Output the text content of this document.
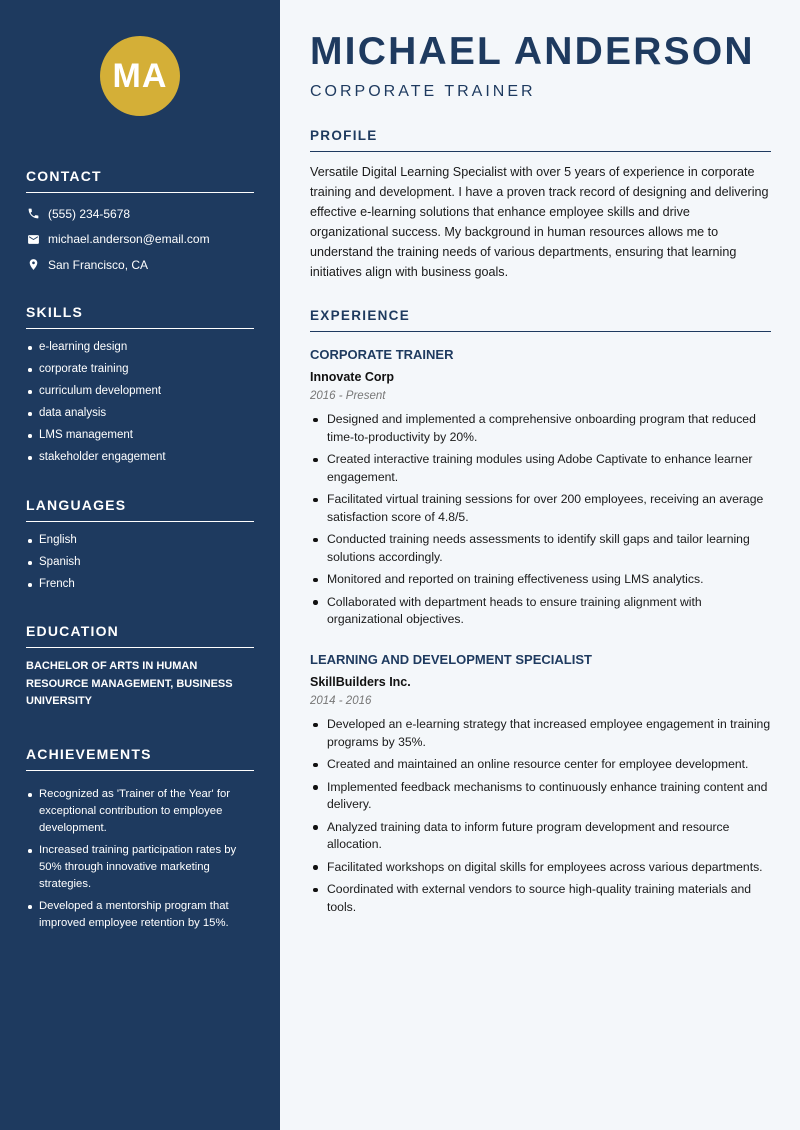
MA
CONTACT
(555) 234-5678
michael.anderson@email.com
San Francisco, CA
SKILLS
e-learning design
corporate training
curriculum development
data analysis
LMS management
stakeholder engagement
LANGUAGES
English
Spanish
French
EDUCATION
BACHELOR OF ARTS IN HUMAN RESOURCE MANAGEMENT, BUSINESS UNIVERSITY
ACHIEVEMENTS
Recognized as 'Trainer of the Year' for exceptional contribution to employee development.
Increased training participation rates by 50% through innovative marketing strategies.
Developed a mentorship program that improved employee retention by 15%.
MICHAEL ANDERSON
CORPORATE TRAINER
PROFILE

Versatile Digital Learning Specialist with over 5 years of experience in corporate training and development. I have a proven track record of designing and delivering effective e-learning solutions that enhance employee skills and drive organizational success. My background in human resources allows me to understand the training needs of various departments, ensuring that learning initiatives align with business goals.

EXPERIENCE
CORPORATE TRAINER
Innovate Corp
2016 - Present
Designed and implemented a comprehensive onboarding program that reduced time-to-productivity by 20%.
Created interactive training modules using Adobe Captivate to enhance learner engagement.
Facilitated virtual training sessions for over 200 employees, receiving an average satisfaction score of 4.8/5.
Conducted training needs assessments to identify skill gaps and tailor learning solutions accordingly.
Monitored and reported on training effectiveness using LMS analytics.
Collaborated with department heads to ensure training alignment with organizational objectives.
LEARNING AND DEVELOPMENT SPECIALIST
SkillBuilders Inc.
2014 - 2016
Developed an e-learning strategy that increased employee engagement in training programs by 35%.
Created and maintained an online resource center for employee development.
Implemented feedback mechanisms to continuously enhance training content and delivery.
Analyzed training data to inform future program development and resource allocation.
Facilitated workshops on digital skills for employees across various departments.
Coordinated with external vendors to source high-quality training materials and tools.
